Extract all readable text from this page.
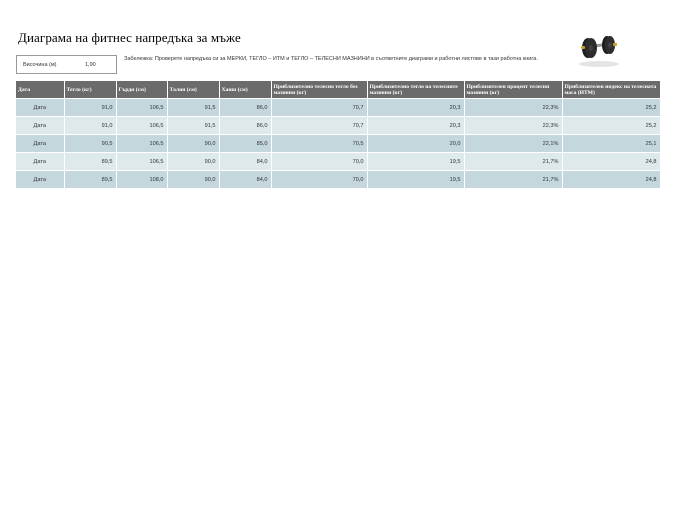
Диаграма на фитнес напредъка за мъже
Височина (м)	1,90
Забележка: Проверете напредъка си за МЕРКИ, ТЕГЛО – ИТМ и ТЕГЛО – ТЕЛЕСНИ МАЗНИНИ в съответните диаграми и работни листове в тази работна книга.
Дата	Тегло (кг)	Гърди (см)	Талия (см)	Ханш (см)	Приблизително телесно тегло без мазнини (кг)	Приблизително тегло на телесните мазнини (кг)	Приблизителен процент телесни мазнини (кг)	Приблизителен индекс на телесната маса (ИТМ)
Дата	91,0	106,5	91,5	86,0	70,7	20,3	22,3%	25,2
Дата	91,0	106,5	91,5	86,0	70,7	20,3	22,3%	25,2
Дата	90,5	106,5	90,0	85,0	70,5	20,0	22,1%	25,1
Дата	89,5	106,5	90,0	84,0	70,0	19,5	21,7%	24,8
Дата	89,5	108,0	90,0	84,0	70,0	19,5	21,7%	24,8
